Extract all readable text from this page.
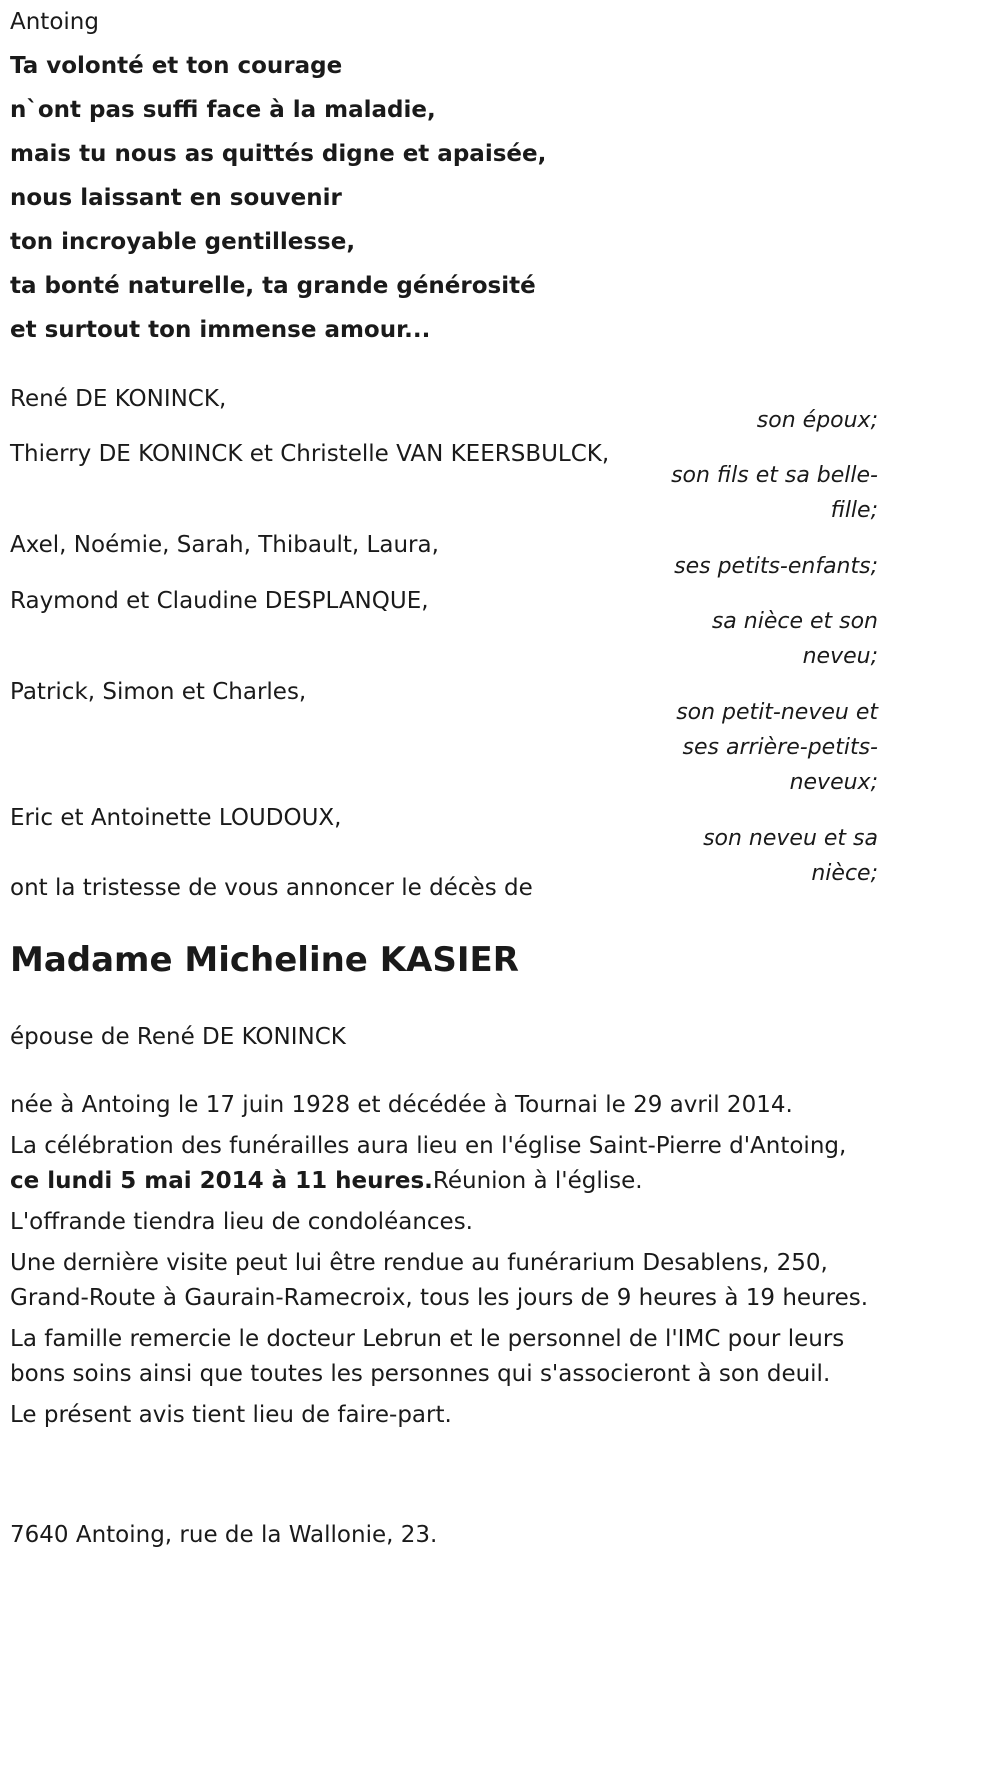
Antoing
Ta volonté et ton courage
n`ont pas suffi face à la maladie,
mais tu nous as quittés digne et apaisée,
nous laissant en souvenir
ton incroyable gentillesse,
ta bonté naturelle, ta grande générosité
et surtout ton immense amour...
René DE KONINCK,
son époux;
Thierry DE KONINCK et Christelle VAN KEERSBULCK,
son fils et sa belle-fille;
Axel, Noémie, Sarah, Thibault, Laura,
ses petits-enfants;
Raymond et Claudine DESPLANQUE,
sa nièce et son neveu;
Patrick, Simon et Charles,
son petit-neveu et ses arrière-petits-neveux;
Eric et Antoinette LOUDOUX,
son neveu et sa nièce;
ont la tristesse de vous annoncer le décès de
Madame Micheline KASIER
épouse de René DE KONINCK
née à Antoing le 17 juin 1928 et décédée à Tournai le 29 avril 2014.
La célébration des funérailles aura lieu en l'église Saint-Pierre d'Antoing,
ce lundi 5 mai 2014 à 11 heures.Réunion à l'église.
L'offrande tiendra lieu de condoléances.
Une dernière visite peut lui être rendue au funérarium Desablens, 250, Grand-Route à Gaurain-Ramecroix, tous les jours de 9 heures à 19 heures.
La famille remercie le docteur Lebrun et le personnel de l'IMC pour leurs bons soins ainsi que toutes les personnes qui s'associeront à son deuil.
Le présent avis tient lieu de faire-part.
7640 Antoing, rue de la Wallonie, 23.
